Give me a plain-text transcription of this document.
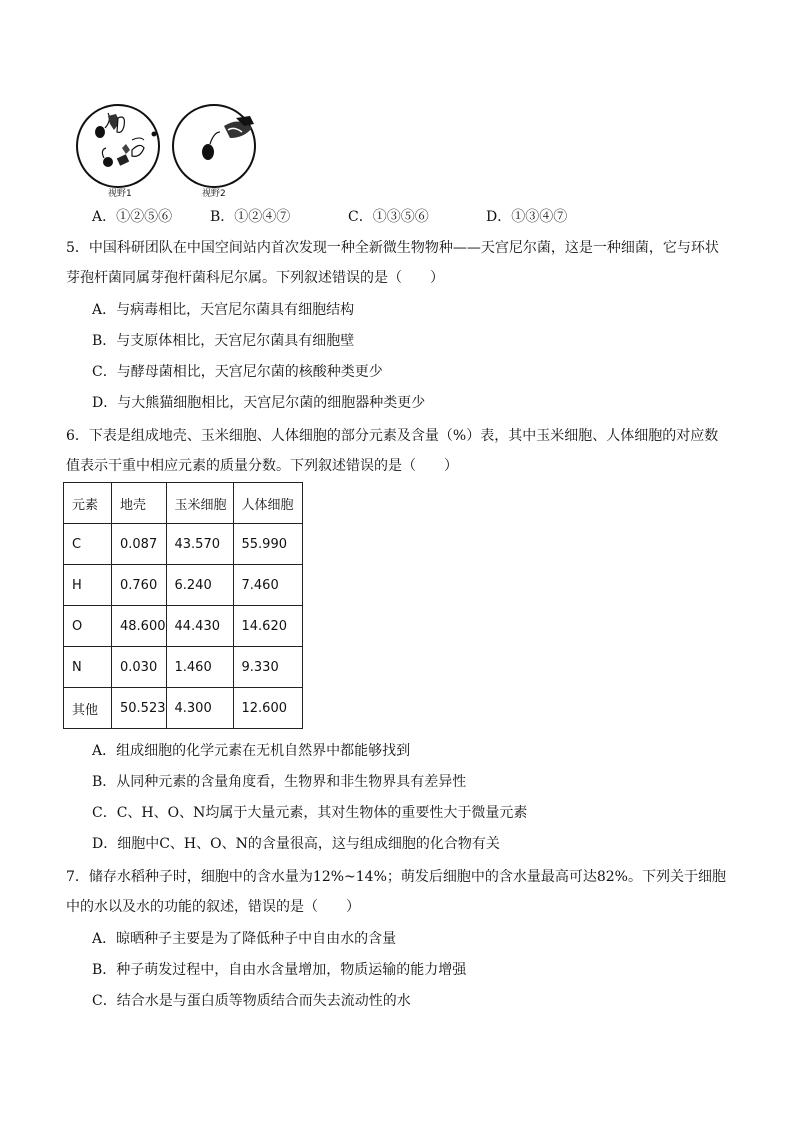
视野1	视野2
A．①②⑤⑥	B．①②④⑦	C．①③⑤⑥	D．①③④⑦
5．中国科研团队在中国空间站内首次发现一种全新微生物物种——天宫尼尔菌，这是一种细菌，它与环状
芽孢杆菌同属芽孢杆菌科尼尔属。下列叙述错误的是（　　）
A．与病毒相比，天宫尼尔菌具有细胞结构
B．与支原体相比，天宫尼尔菌具有细胞壁
C．与酵母菌相比，天宫尼尔菌的核酸种类更少
D．与大熊猫细胞相比，天宫尼尔菌的细胞器种类更少
6．下表是组成地壳、玉米细胞、人体细胞的部分元素及含量（%）表，其中玉米细胞、人体细胞的对应数
值表示干重中相应元素的质量分数。下列叙述错误的是（　　）
元素	地壳	玉米细胞	人体细胞
C	0.087	43.570	55.990
H	0.760	6.240	7.460
O	48.600	44.430	14.620
N	0.030	1.460	9.330
其他	50.523	4.300	12.600
A．组成细胞的化学元素在无机自然界中都能够找到
B．从同种元素的含量角度看，生物界和非生物界具有差异性
C．C、H、O、N均属于大量元素，其对生物体的重要性大于微量元素
D．细胞中C、H、O、N的含量很高，这与组成细胞的化合物有关
7．储存水稻种子时，细胞中的含水量为12%~14%；萌发后细胞中的含水量最高可达82%。下列关于细胞
中的水以及水的功能的叙述，错误的是（　　）
A．晾晒种子主要是为了降低种子中自由水的含量
B．种子萌发过程中，自由水含量增加，物质运输的能力增强
C．结合水是与蛋白质等物质结合而失去流动性的水
